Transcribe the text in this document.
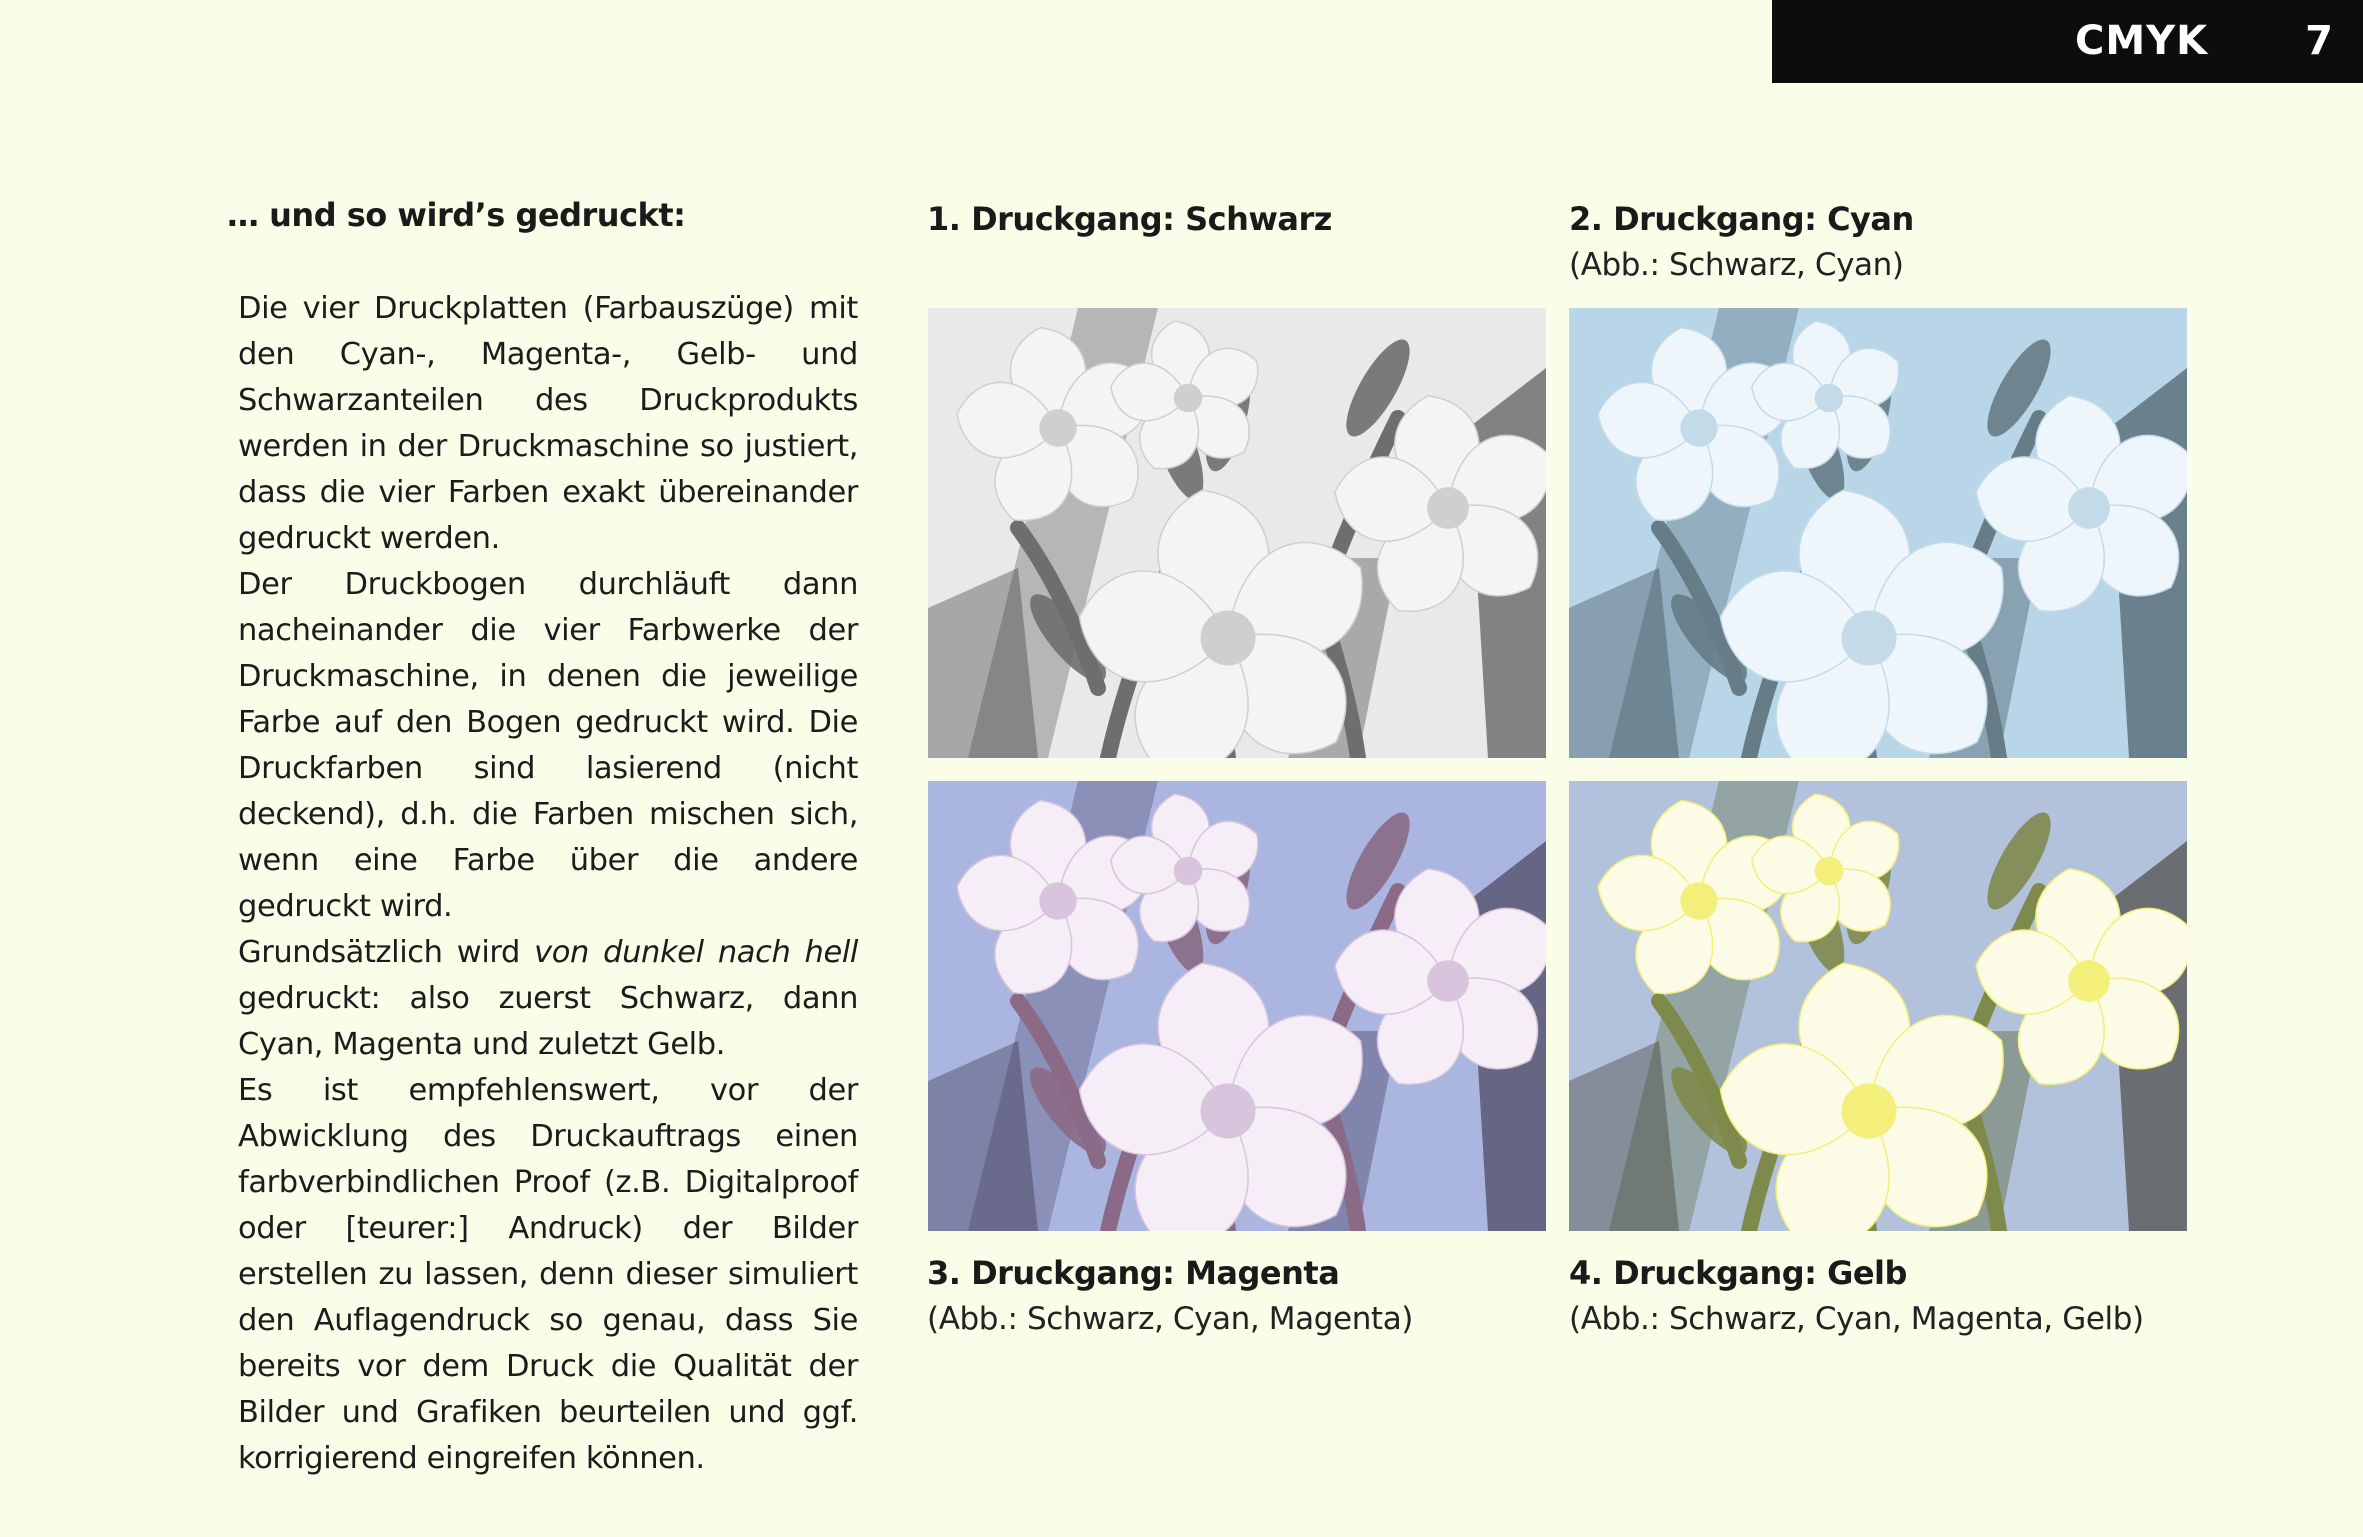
CMYK 7
… und so wird’s gedruckt:

Die vier Druckplatten (Farbauszüge) mit den Cyan-, Magenta-, Gelb- und Schwarzanteilen des Druckprodukts werden in der Druckmaschine so justiert, dass die vier Farben exakt übereinander gedruckt werden.

Der Druckbogen durchläuft dann nacheinander die vier Farbwerke der Druckmaschine, in denen die jeweilige Farbe auf den Bogen gedruckt wird. Die Druckfarben sind lasierend (nicht deckend), d.h. die Farben mischen sich, wenn eine Farbe über die andere gedruckt wird.

Grundsätzlich wird von dunkel nach hell gedruckt: also zuerst Schwarz, dann Cyan, Magenta und zuletzt Gelb.

Es ist empfehlenswert, vor der Abwicklung des Druckauftrags einen farbverbindlichen Proof (z.B. Digitalproof oder [teurer:] Andruck) der Bilder erstellen zu lassen, denn dieser simuliert den Auflagendruck so genau, dass Sie bereits vor dem Druck die Qualität der Bilder und Grafiken beurteilen und ggf. korrigierend eingreifen können.

1. Druckgang: Schwarz	2. Druckgang: Cyan
(Abb.: Schwarz, Cyan)
3. Druckgang: Magenta
(Abb.: Schwarz, Cyan, Magenta)
4. Druckgang: Gelb
(Abb.: Schwarz, Cyan, Magenta, Gelb)
